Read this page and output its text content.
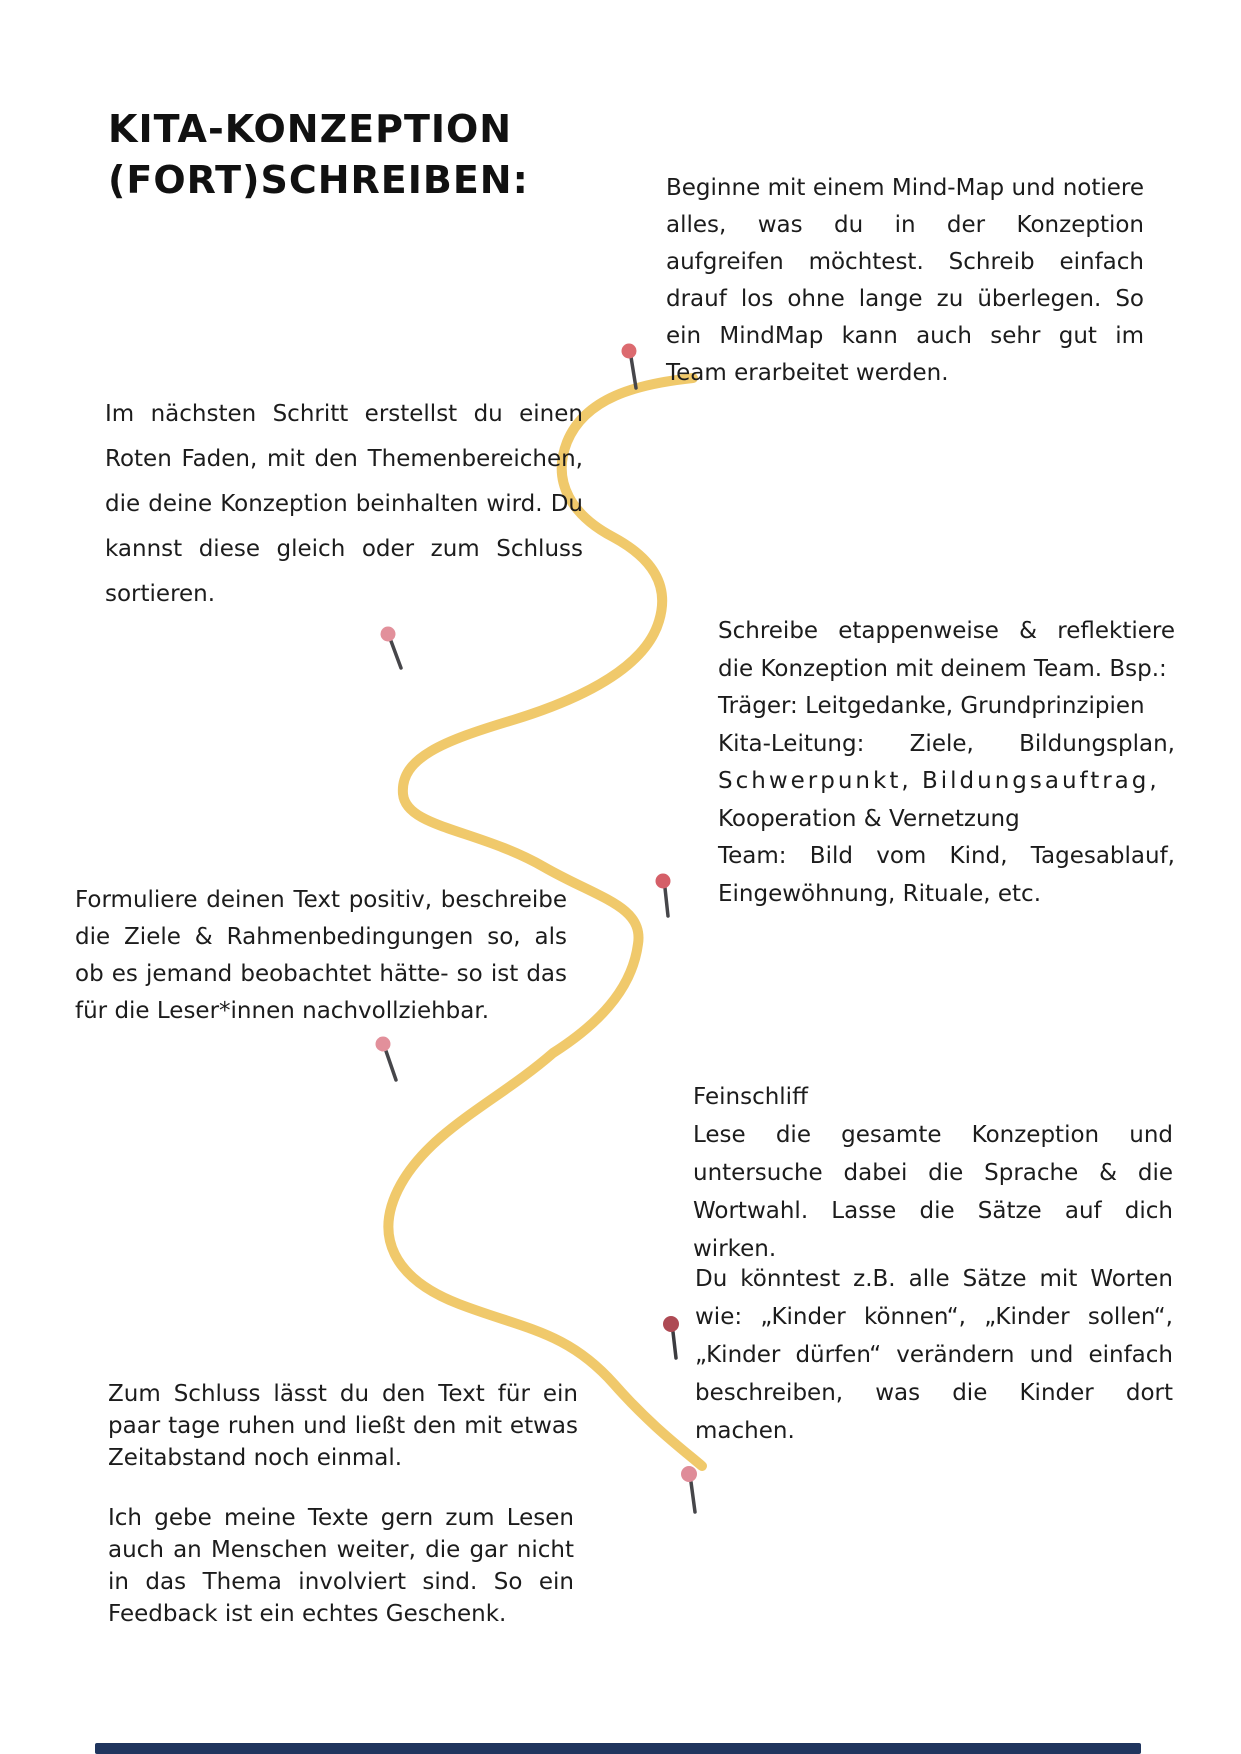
KITA-KONZEPTION
(FORT)SCHREIBEN:	Beginne mit einem Mind-Map und notiere alles, was du in der Konzeption aufgreifen möchtest. Schreib einfach drauf los ohne lange zu überlegen. So ein MindMap kann auch sehr gut im Team erarbeitet werden.
Im nächsten Schritt erstellst du einen Roten Faden, mit den Themenbereichen, die deine Konzeption beinhalten wird. Du kannst diese gleich oder zum Schluss sortieren.
Schreibe etappenweise & reflektiere
die Konzeption mit deinem Team. Bsp.:
Träger: Leitgedanke, Grundprinzipien
Kita-Leitung: Ziele, Bildungsplan,
Schwerpunkt, Bildungsauftrag,
Kooperation & Vernetzung
Team: Bild vom Kind, Tagesablauf,
Eingewöhnung, Rituale, etc.
Formuliere deinen Text positiv, beschreibe die Ziele & Rahmenbedingungen so, als ob es jemand beobachtet hätte- so ist das für die Leser*innen nachvollziehbar.
Feinschliff
Lese die gesamte Konzeption und untersuche dabei die Sprache & die Wortwahl. Lasse die Sätze auf dich wirken.
Du könntest z.B. alle Sätze mit Worten wie: „Kinder können“, „Kinder sollen“, „Kinder dürfen“ verändern und einfach beschreiben, was die Kinder dort machen.
Zum Schluss lässt du den Text für ein paar tage ruhen und ließt den mit etwas Zeitabstand noch einmal.
Ich gebe meine Texte gern zum Lesen auch an Menschen weiter, die gar nicht in das Thema involviert sind. So ein Feedback ist ein echtes Geschenk.
